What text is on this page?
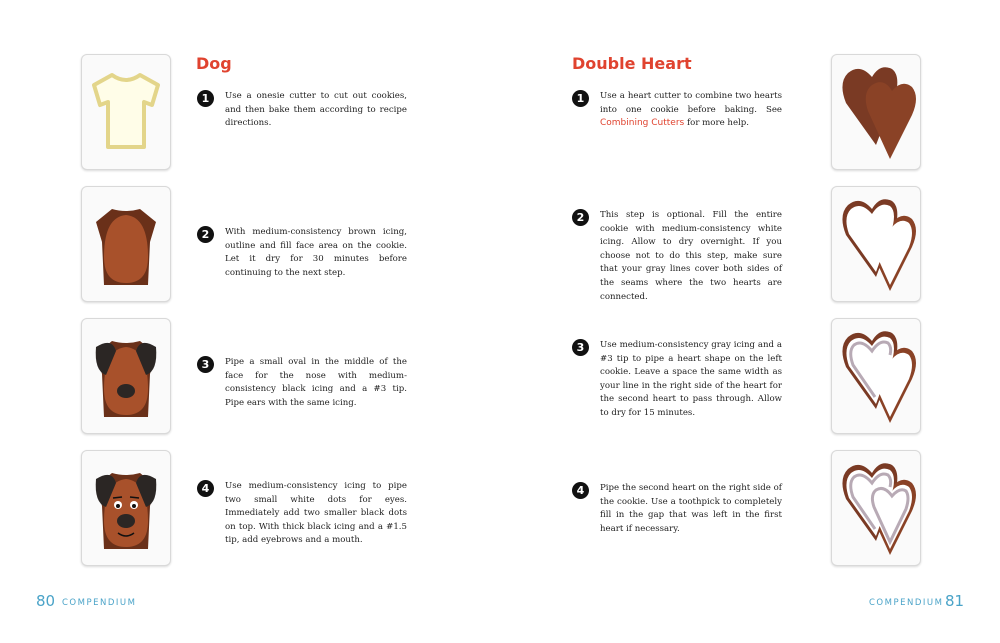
Dog
1	Use a onesie cutter to cut out cookies, and then bake them according to recipe directions.

2	With medium-consistency brown icing, outline and fill face area on the cookie. Let it dry for 30 minutes before continuing to the next step.

3	Pipe a small oval in the middle of the face for the nose with medium-consistency black icing and a #3 tip. Pipe ears with the same icing.

4	Use medium-consistency icing to pipe two small white dots for eyes. Immediately add two smaller black dots on top. With thick black icing and a #1.5 tip, add eyebrows and a mouth.

80 COMPENDIUM
Double Heart
1	Use a heart cutter to combine two hearts into one cookie before baking. See Combining Cutters for more help.

2	This step is optional. Fill the entire cookie with medium-consistency white icing. Allow to dry overnight. If you choose not to do this step, make sure that your gray lines cover both sides of the seams where the two hearts are connected.

3	Use medium-consistency gray icing and a #3 tip to pipe a heart shape on the left cookie. Leave a space the same width as your line in the right side of the heart for the second heart to pass through. Allow to dry for 15 minutes.

4	Pipe the second heart on the right side of the cookie. Use a toothpick to completely fill in the gap that was left in the first heart if necessary.

COMPENDIUM 81
